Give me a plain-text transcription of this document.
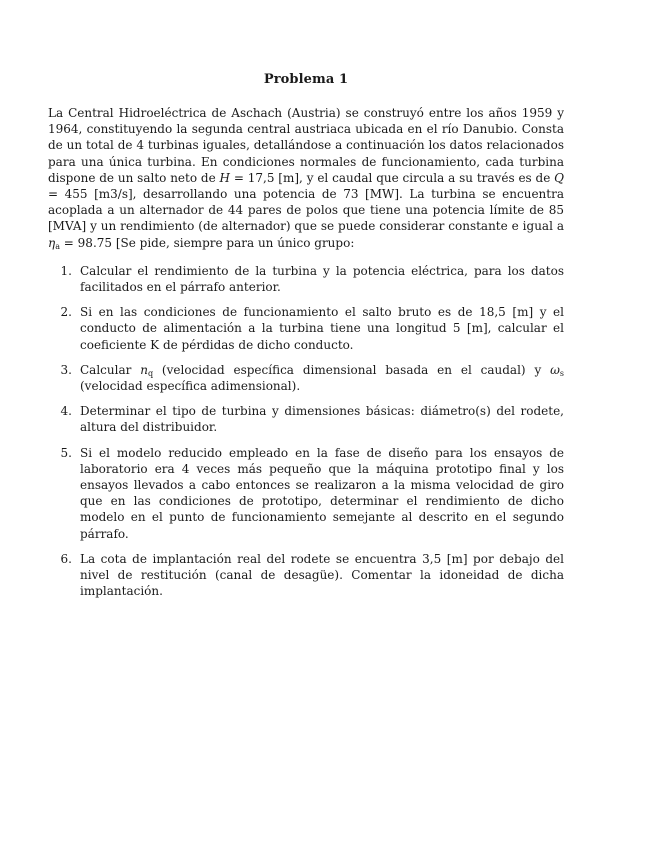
Problema 1

La Central Hidroeléctrica de Aschach (Austria) se construyó entre los años 1959 y 1964, constituyendo la segunda central austriaca ubicada en el río Danubio. Consta de un total de 4 turbinas iguales, detallándose a continuación los datos relacionados para una única turbina. En condiciones normales de funcionamiento, cada turbina dispone de un salto neto de H = 17,5 [m], y el caudal que circula a su través es de Q = 455 [m3/s], desarrollando una potencia de 73 [MW]. La turbina se encuentra acoplada a un alternador de 44 pares de polos que tiene una potencia límite de 85 [MVA] y un rendimiento (de alternador) que se puede considerar constante e igual a $\eta_a = 98.75$ [Se pide, siempre para un único grupo:

1. Calcular el rendimiento de la turbina y la potencia eléctrica, para los datos facilitados en el párrafo anterior.
2. Si en las condiciones de funcionamiento el salto bruto es de 18,5 [m] y el conducto de alimentación a la turbina tiene una longitud 5 [m], calcular el coeficiente K de pérdidas de dicho conducto.
3. Calcular $n_q$ (velocidad específica dimensional basada en el caudal) y $\omega_s$ (velocidad específica adimensional).
4. Determinar el tipo de turbina y dimensiones básicas: diámetro(s) del rodete, altura del distribuidor.
5. Si el modelo reducido empleado en la fase de diseño para los ensayos de laboratorio era 4 veces más pequeño que la máquina prototipo final y los ensayos llevados a cabo entonces se realizaron a la misma velocidad de giro que en las condiciones de prototipo, determinar el rendimiento de dicho modelo en el punto de funcionamiento semejante al descrito en el segundo párrafo.
6. La cota de implantación real del rodete se encuentra 3,5 [m] por debajo del nivel de restitución (canal de desagüe). Comentar la idoneidad de dicha implantación.
